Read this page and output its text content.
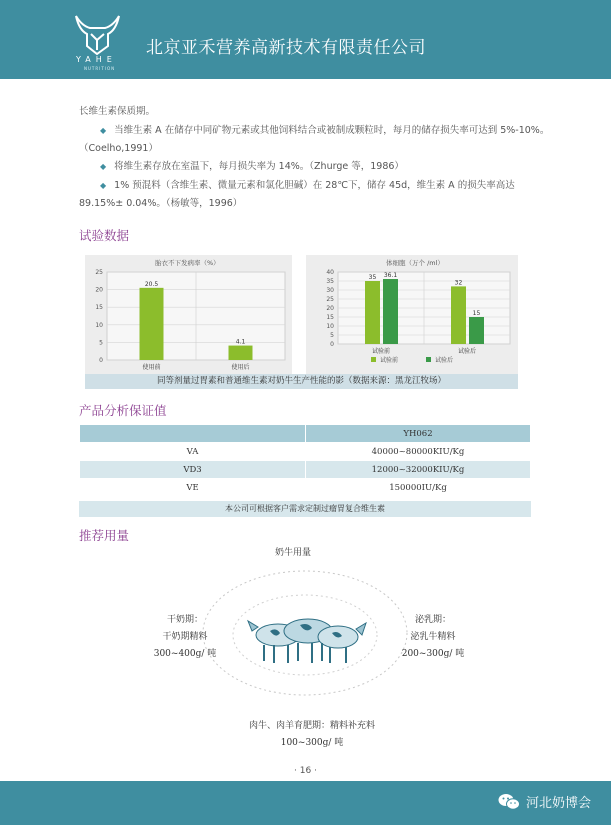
YAHE
NUTRITION
北京亚禾营养高新技术有限责任公司
长维生素保质期。
◆ 当维生素 A 在储存中同矿物元素或其他饲料结合或被制成颗粒时，每月的储存损失率可达到 5%-10%。
（Coelho,1991）
◆ 将维生素存放在室温下，每月损失率为 14%。（Zhurge 等，1986）
◆ 1% 预混料（含维生素、微量元素和氯化胆碱）在 28℃下，储存 45d，维生素 A 的损失率高达
89.15%± 0.04%。（杨敏等，1996）
试验数据
胎衣不下发病率（%）
0
5
10
15
20
25
20.5
使用前
4.1
使用后
体细胞（万个 /ml）
0
5
10
15
20
25
30
35
40
35 36.1
试验前
32
15
试验后
试验前	试验后
同等剂量过胃素和普通维生素对奶牛生产性能的影（数据来源：黑龙江牧场）
产品分析保证值
	YH062
VA	40000~80000KIU/Kg
VD3	12000~32000KIU/Kg
VE	150000IU/Kg
本公司可根据客户需求定制过瘤胃复合维生素
推荐用量
奶牛用量
干奶期：
干奶期精料
300~400g/ 吨
泌乳期：
泌乳牛精料
200~300g/ 吨
肉牛、肉羊育肥期：精料补充料
100~300g/ 吨
· 16 ·
河北奶博会
